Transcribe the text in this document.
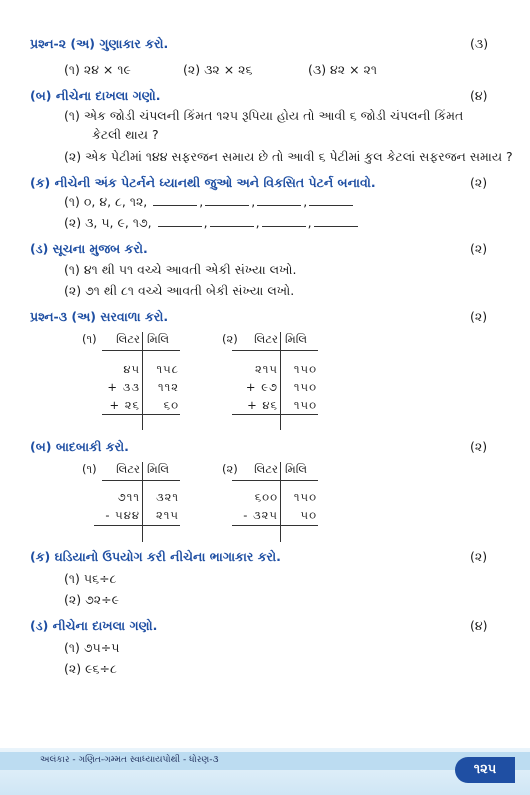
પ્રશ્ન-૨ (અ) ગુણાકાર કરો.	(૩)
(૧) ૨૪ × ૧૯	(૨) ૩૨ × ૨૬	(૩) ૪૨ × ૨૧
(બ) નીચેના દાખલા ગણો.	(૪)
(૧) એક જોડી ચંપલની કિંમત ૧૨૫ રૂપિયા હોય તો આવી ૬ જોડી ચંપલની કિંમત
કેટલી થાય ?
(૨) એક પેટીમાં ૧૪૪ સફરજન સમાય છે તો આવી ૬ પેટીમાં કુલ કેટલાં સફરજન સમાય ?
(ક) નીચેની અંક પેટર્નને ધ્યાનથી જુઓ અને વિકસિત પેટર્ન બનાવો.	(૨)
(૧) ૦, ૪, ૮, ૧૨,	,	,	,
(૨) ૩, ૫, ૯, ૧૭,	,	,	,
(ડ) સૂચના મુજબ કરો.	(૨)
(૧) ૪૧ થી ૫૧ વચ્ચે આવતી એકી સંખ્યા લખો.
(૨) ૭૧ થી ૮૧ વચ્ચે આવતી બેકી સંખ્યા લખો.
પ્રશ્ન-૩ (અ) સરવાળા કરો.	(૨)
(૧)	લિટર મિલિ
૪૫	૧૫૮
+ ૩૩	૧૧૨
+ ૨૬	૬૦
(૨)	લિટર મિલિ
૨૧૫	૧૫૦
+ ૯૭	૧૫૦
+ ૪૬	૧૫૦
(બ) બાદબાકી કરો.	(૨)
(૧)	લિટર મિલિ
૭૧૧	૩૨૧
- ૫૪૪	૨૧૫
(૨)	લિટર મિલિ
૬૦૦	૧૫૦
- ૩૨૫	૫૦
(ક) ઘડિયાનો ઉપયોગ કરી નીચેના ભાગાકાર કરો.	(૨)
(૧) ૫૬÷૮
(૨) ૭૨÷૯
(ડ) નીચેના દાખલા ગણો.	(૪)
(૧) ૭૫÷૫
(૨) ૯૬÷૮
અલંકાર - ગણિત-ગમ્મત સ્વાધ્યાયપોથી - ધોરણ-૩
૧૨૫
